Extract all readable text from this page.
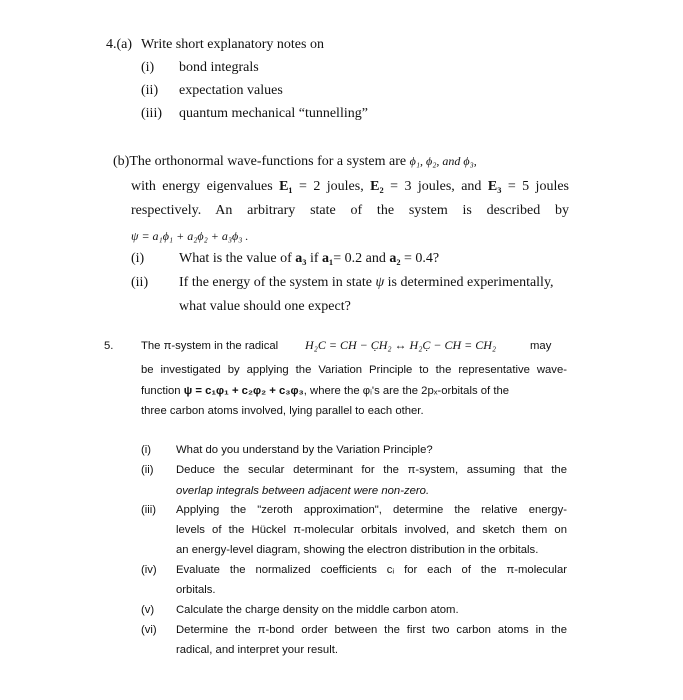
4.(a) Write short explanatory notes on
(i) bond integrals
(ii) expectation values
(iii) quantum mechanical “tunnelling”
(b)The orthonormal wave-functions for a system are ϕ₁, ϕ₂, and ϕ₃,
with energy eigenvalues E₁ = 2 joules, E₂ = 3 joules, and E₃ = 5 joules
respectively. An arbitrary state of the system is described by
ψ = a₁ϕ₁ + a₂ϕ₂ + a₃ϕ₃ .
(i) What is the value of a₃ if a₁= 0.2 and a₂ = 0.4?
(ii) If the energy of the system in state ψ is determined experimentally,
what value should one expect?
5. The π-system in the radical H₂C = CH − C̣H₂ ↔ H₂C̣ − CH = CH₂	may
be investigated by applying the Variation Principle to the representative wave-
function ψ = c₁φ₁ + c₂φ₂ + c₃φ₃, where the φᵢ's are the 2pₓ-orbitals of the
three carbon atoms involved, lying parallel to each other.
(i) What do you understand by the Variation Principle?
(ii) Deduce the secular determinant for the π-system, assuming that the
overlap integrals between adjacent were non-zero.
(iii) Applying the "zeroth approximation", determine the relative energy-
levels of the Hückel π-molecular orbitals involved, and sketch them on
an energy-level diagram, showing the electron distribution in the orbitals.
(iv) Evaluate the normalized coefficients cᵢ for each of the π-molecular
orbitals.
(v) Calculate the charge density on the middle carbon atom.
(vi) Determine the π-bond order between the first two carbon atoms in the
radical, and interpret your result.
